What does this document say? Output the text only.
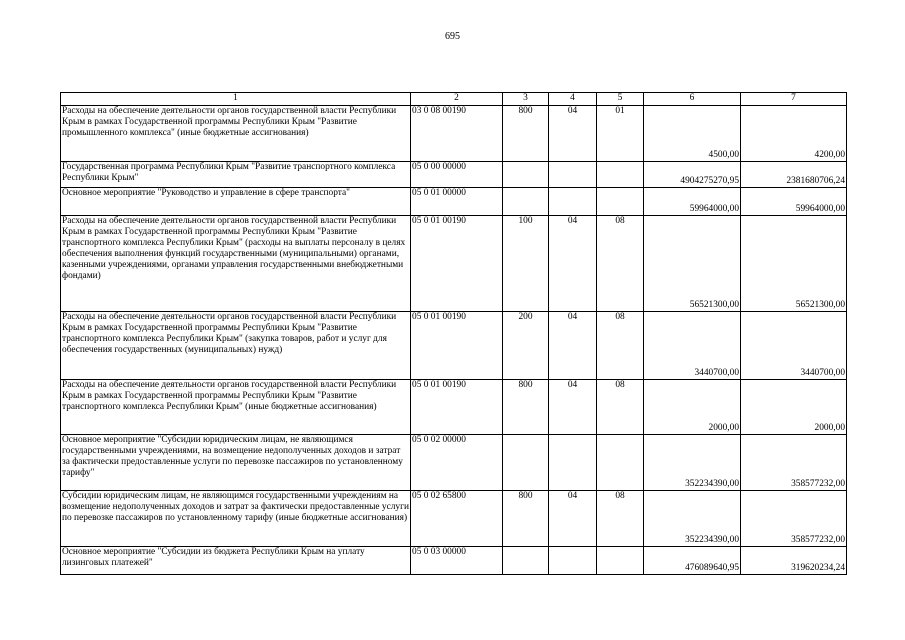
695
1	2	3	4	5	6	7
Расходы на обеспечение деятельности органов государственной власти Республики Крым в рамках Государственной программы Республики Крым "Развитие промышленного комплекса" (иные бюджетные ассигнования)	03 0 08 00190	800	04	01	4500,00	4200,00
Государственная программа Республики Крым "Развитие транспортного комплекса Республики Крым"	05 0 00 00000				4904275270,95	2381680706,24
Основное мероприятие "Руководство и управление в сфере транспорта"	05 0 01 00000				59964000,00	59964000,00
Расходы на обеспечение деятельности органов государственной власти Республики Крым в рамках Государственной программы Республики Крым "Развитие транспортного комплекса Республики Крым" (расходы на выплаты персоналу в целях обеспечения выполнения функций государственными (муниципальными) органами, казенными учреждениями, органами управления государственными внебюджетными фондами)	05 0 01 00190	100	04	08	56521300,00	56521300,00
Расходы на обеспечение деятельности органов государственной власти Республики Крым в рамках Государственной программы Республики Крым "Развитие транспортного комплекса Республики Крым" (закупка товаров, работ и услуг для обеспечения государственных (муниципальных) нужд)	05 0 01 00190	200	04	08	3440700,00	3440700,00
Расходы на обеспечение деятельности органов государственной власти Республики Крым в рамках Государственной программы Республики Крым "Развитие транспортного комплекса Республики Крым" (иные бюджетные ассигнования)	05 0 01 00190	800	04	08	2000,00	2000,00
Основное мероприятие "Субсидии юридическим лицам, не являющимся государственными учреждениями, на возмещение недополученных доходов и затрат за фактически предоставленные услуги по перевозке пассажиров по установленному тарифу"	05 0 02 00000				352234390,00	358577232,00
Субсидии юридическим лицам, не являющимся государственными учреждениям на возмещение недополученных доходов и затрат за фактически предоставленные услуги по перевозке пассажиров по установленному тарифу (иные бюджетные ассигнования)	05 0 02 65800	800	04	08	352234390,00	358577232,00
Основное мероприятие "Субсидии из бюджета Республики Крым на уплату лизинговых платежей"	05 0 03 00000				476089640,95	319620234,24
